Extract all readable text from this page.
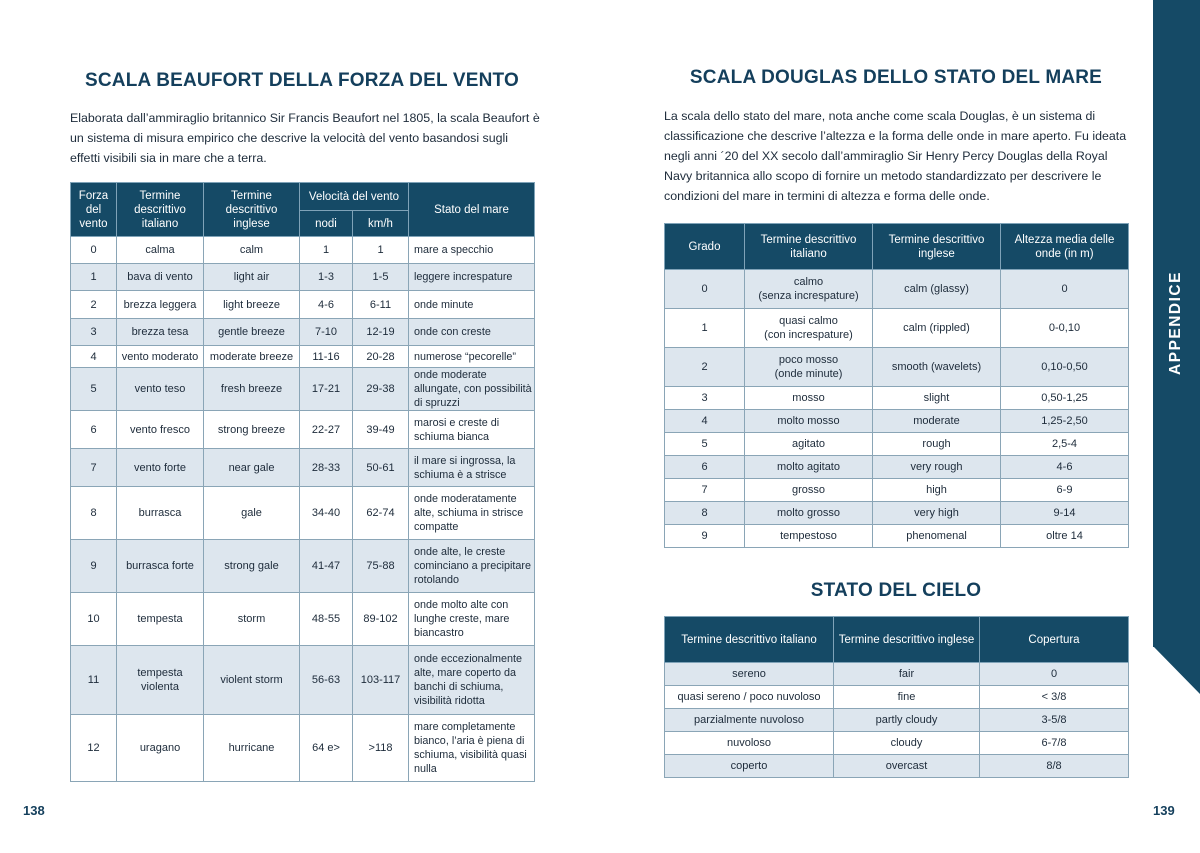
SCALA BEAUFORT DELLA FORZA DEL VENTO

Elaborata dall’ammiraglio britannico Sir Francis Beaufort nel 1805, la scala Beaufort è un sistema di misura empirico che descrive la velocità del vento basandosi sugli effetti visibili sia in mare che a terra.

Forza del vento	Termine descrittivo italiano	Termine descrittivo inglese	Velocità del vento		Stato del mare
			nodi	km/h	
0	calma	calm	1	1	mare a specchio
1	bava di vento	light air	1-3	1-5	leggere increspature
2	brezza leggera	light breeze	4-6	6-11	onde minute
3	brezza tesa	gentle breeze	7-10	12-19	onde con creste
4	vento moderato	moderate breeze	11-16	20-28	numerose “pecorelle”
5	vento teso	fresh breeze	17-21	29-38	onde moderate allungate, con possibilità di spruzzi
6	vento fresco	strong breeze	22-27	39-49	marosi e creste di schiuma bianca
7	vento forte	near gale	28-33	50-61	il mare si ingrossa, la schiuma è a strisce
8	burrasca	gale	34-40	62-74	onde moderatamente alte, schiuma in strisce compatte
9	burrasca forte	strong gale	41-47	75-88	onde alte, le creste cominciano a precipitare rotolando
10	tempesta	storm	48-55	89-102	onde molto alte con lunghe creste, mare biancastro
11	tempesta violenta	violent storm	56-63	103-117	onde eccezionalmente alte, mare coperto da banchi di schiuma, visibilità ridotta
12	uragano	hurricane	64 e>	>118	mare completamente bianco, l’aria è piena di schiuma, visibilità quasi nulla
138
SCALA DOUGLAS DELLO STATO DEL MARE

La scala dello stato del mare, nota anche come scala Douglas, è un sistema di classificazione che descrive l’altezza e la forma delle onde in mare aperto. Fu ideata negli anni ´20 del XX secolo dall’ammiraglio Sir Henry Percy Douglas della Royal Navy britannica allo scopo di fornire un metodo standardizzato per descrivere le condizioni del mare in termini di altezza e forma delle onde.

Grado	Termine descrittivo italiano	Termine descrittivo inglese	Altezza media delle onde (in m)
0	calmo
(senza increspature)	calm (glassy)	0
1	quasi calmo
(con increspature)	calm (rippled)	0-0,10
2	poco mosso
(onde minute)	smooth (wavelets)	0,10-0,50
3	mosso	slight	0,50-1,25
4	molto mosso	moderate	1,25-2,50
5	agitato	rough	2,5-4
6	molto agitato	very rough	4-6
7	grosso	high	6-9
8	molto grosso	very high	9-14
9	tempestoso	phenomenal	oltre 14
STATO DEL CIELO
Termine descrittivo italiano	Termine descrittivo inglese	Copertura
sereno	fair	0
quasi sereno / poco nuvoloso	fine	< 3/8
parzialmente nuvoloso	partly cloudy	3-5/8
nuvoloso	cloudy	6-7/8
coperto	overcast	8/8
139
APPENDICE
